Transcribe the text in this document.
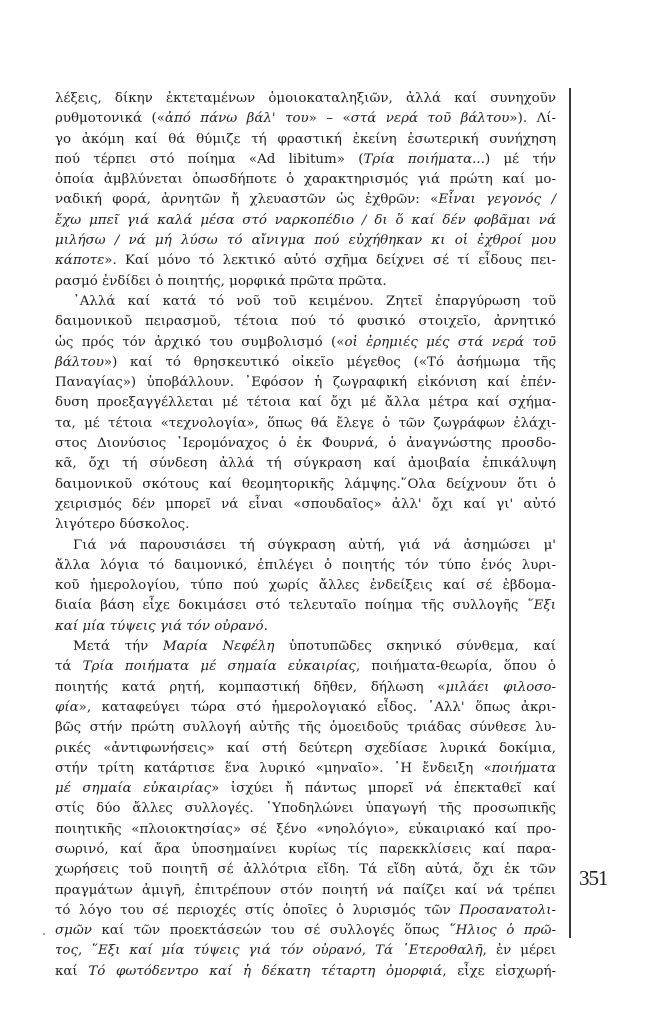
λέξεις, δίκην ἐκτεταμένων ὁμοιοκαταληξιῶν, ἀλλά καί συνηχοῦν
ρυθμοτονικά («ἀπό πάνω βάλ' του» – «στά νερά τοῦ βάλτου»). Λί-
γο ἀκόμη καί θά θύμιζε τή φραστική ἐκείνη ἐσωτερική συνήχηση
πού τέρπει στό ποίημα «Ad libitum» (Τρία ποιήματα...) μέ τήν
ὁποία ἀμβλύνεται ὁπωσδήποτε ὁ χαρακτηρισμός γιά πρώτη καί μο-
ναδική φορά, ἀρνητῶν ἤ χλευαστῶν ὡς ἐχθρῶν: «Εἶναι γεγονός /
ἔχω μπεῖ γιά καλά μέσα στό ναρκοπέδιο / δι ὅ καί δέν φοβᾶμαι νά
μιλήσω / νά μή λύσω τό αἴνιγμα πού εὐχήθηκαν κι οἱ ἐχθροί μου
κάποτε». Καί μόνο τό λεκτικό αὐτό σχῆμα δείχνει σέ τί εἶδους πει-
ρασμό ἐνδίδει ὁ ποιητής, μορφικά πρῶτα πρῶτα.
᾿Αλλά καί κατά τό νοῦ τοῦ κειμένου. Ζητεῖ ἐπαργύρωση τοῦ
δαιμονικοῦ πειρασμοῦ, τέτοια πού τό φυσικό στοιχεῖο, ἀρνητικό
ὡς πρός τόν ἀρχικό του συμβολισμό («οἱ ἐρημιές μές στά νερά τοῦ
βάλτου») καί τό θρησκευτικό οἰκεῖο μέγεθος («Τό ἀσήμωμα τῆς
Παναγίας») ὑποβάλλουν. ᾿Εφόσον ἡ ζωγραφική εἰκόνιση καί ἐπέν-
δυση προεξαγγέλλεται μέ τέτοια καί ὄχι μέ ἄλλα μέτρα καί σχήμα-
τα, μέ τέτοια «τεχνολογία», ὅπως θά ἔλεγε ὁ τῶν ζωγράφων ἐλάχι-
στος Διονύσιος ῾Ιερομόναχος ὁ ἐκ Φουρνά, ὁ ἀναγνώστης προσδο-
κᾶ, ὄχι τή σύνδεση ἀλλά τή σύγκραση καί ἀμοιβαία ἐπικάλυψη
δαιμονικοῦ σκότους καί θεομητορικῆς λάμψης.῞Ολα δείχνουν ὅτι ὁ
χειρισμός δέν μπορεῖ νά εἶναι «σπουδαῖος» ἀλλ' ὄχι καί γι' αὐτό
λιγότερο δύσκολος.
Γιά νά παρουσιάσει τή σύγκραση αὐτή, γιά νά ἀσημώσει μ'
ἄλλα λόγια τό δαιμονικό, ἐπιλέγει ὁ ποιητής τόν τύπο ἑνός λυρι-
κοῦ ἡμερολογίου, τύπο πού χωρίς ἄλλες ἐνδείξεις καί σέ ἑβδομα-
διαία βάση εἶχε δοκιμάσει στό τελευταῖο ποίημα τῆς συλλογῆς ῞Εξι
καί μία τύψεις γιά τόν οὐρανό.
Μετά τήν Μαρία Νεφέλη ὑποτυπῶδες σκηνικό σύνθεμα, καί
τά Τρία ποιήματα μέ σημαία εὐκαιρίας, ποιήματα-θεωρία, ὅπου ὁ
ποιητής κατά ρητή, κομπαστική δῆθεν, δήλωση «μιλάει φιλοσο-
φία», καταφεύγει τώρα στό ἡμερολογιακό εἶδος. ᾿Αλλ' ὅπως ἀκρι-
βῶς στήν πρώτη συλλογή αὐτῆς τῆς ὁμοειδοῦς τριάδας σύνθεσε λυ-
ρικές «ἀντιφωνήσεις» καί στή δεύτερη σχεδίασε λυρικά δοκίμια,
στήν τρίτη κατάρτισε ἕνα λυρικό «μηναῖο». ῾Η ἔνδειξη «ποιήματα
μέ σημαία εὐκαιρίας» ἰσχύει ἤ πάντως μπορεῖ νά ἐπεκταθεῖ καί
στίς δύο ἄλλες συλλογές. ῾Υποδηλώνει ὑπαγωγή τῆς προσωπικῆς
ποιητικῆς «πλοιοκτησίας» σέ ξένο «νηολόγιο», εὐκαιριακό καί προ-
σωρινό, καί ἄρα ὑποσημαίνει κυρίως τίς παρεκκλίσεις καί παρα-
χωρήσεις τοῦ ποιητῆ σέ ἀλλότρια εἴδη. Τά εἴδη αὐτά, ὄχι ἐκ τῶν
πραγμάτων ἀμιγῆ, ἐπιτρέπουν στόν ποιητή νά παίζει καί νά τρέπει
τό λόγο του σέ περιοχές στίς ὁποῖες ὁ λυρισμός τῶν Προσανατολι-
σμῶν καί τῶν προεκτάσεών του σέ συλλογές ὅπως ῞Ηλιος ὁ πρῶ-
τος, ῞Εξι καί μία τύψεις γιά τόν οὐρανό, Τά ῾Ετεροθαλῆ, ἐν μέρει
καί Τό φωτόδεντρο καί ἡ δέκατη τέταρτη ὀμορφιά, εἶχε εἰσχωρή-
351
